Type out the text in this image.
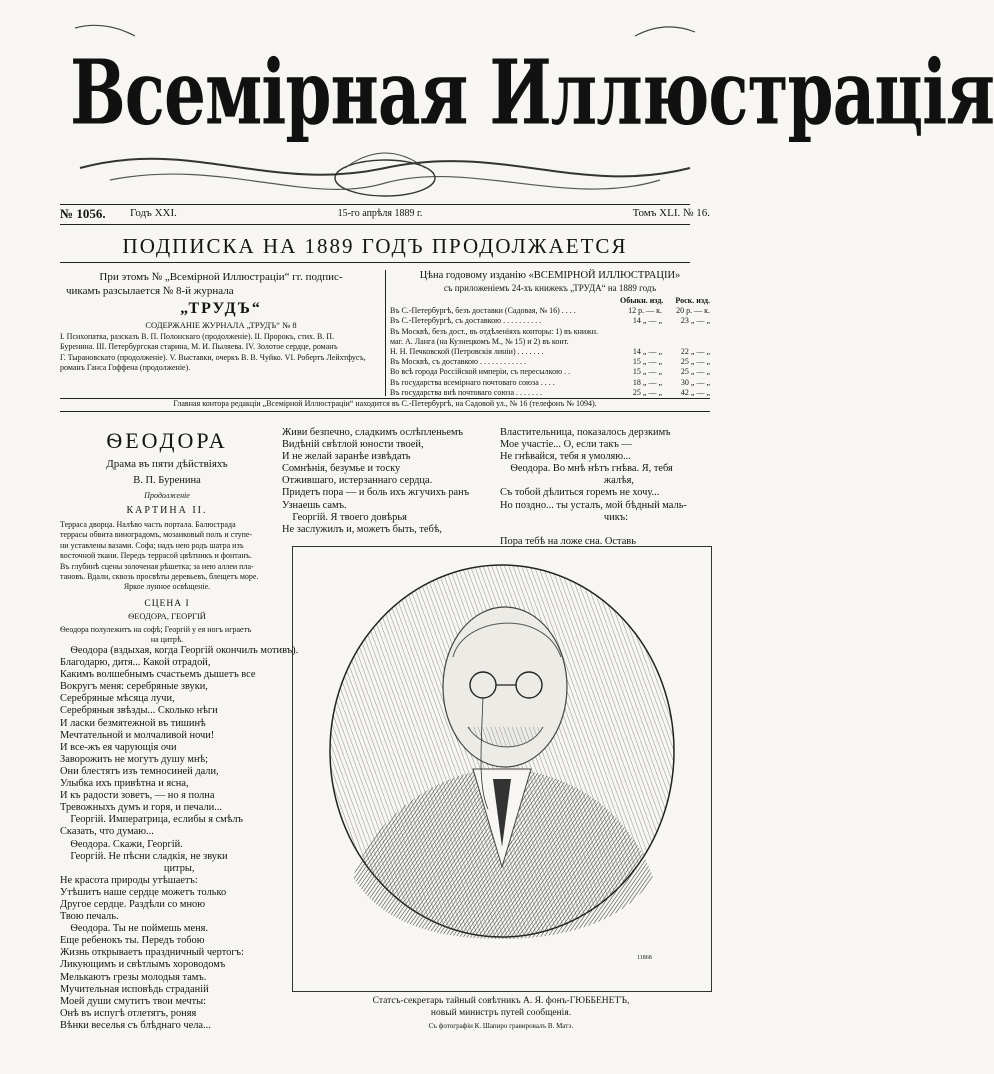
Всемірная Иллюстрація
№ 1056. Годъ XXI.	15-го апрѣля 1889 г.	Томъ XLI. № 16.
ПОДПИСКА НА 1889 ГОДЪ ПРОДОЛЖАЕТСЯ
При этомъ № „Всемірной Иллюстраціи“ гг. подпис-
чикамъ разсылается № 8-й журнала
„ТРУДЪ“
СОДЕРЖАНІЕ ЖУРНАЛА „ТРУДЪ“ № 8
I. Психопатка, разсказъ В. П. Полонскаго (продолженіе). II. Пророкъ, стих. В. П.
Буренина. III. Петербургская старина, М. И. Пыляева. IV. Золотое сердце, романъ
Г. Тырановскато (продолженіе). V. Выставки, очеркъ В. В. Чуйко. VI. Робертъ Лейхтфусъ,
романъ Ганса Гоффена (продолженіе).
Цѣна годовому изданію «ВСЕМІРНОЙ ИЛЛЮСТРАЦІИ»
съ приложеніемъ 24-хъ книжекъ „ТРУДА“ на 1889 годъ
Обыкн. изд.	Роск. изд.
Въ С.-Петербургѣ, безъ доставки (Садовая, № 16) . . . .	12 р. — к.	20 р. — к.
Въ С.-Петербургѣ, съ доставкою . . . . . . . . . .	14 „ — „	23 „ — „
Въ Москвѣ, безъ дост., въ отдѣленіяхъ конторы: 1) въ книжн.
маг. А. Ланга (на Кузнецкомъ М., № 15) и 2) въ конт.
Н. Н. Печковской (Петровскія линіи) . . . . . . .	14 „ — „	22 „ — „
Въ Москвѣ, съ доставкою . . . . . . . . . . . .	15 „ — „	25 „ — „
Во всѣ города Россійской имперіи, съ пересылкою . .	15 „ — „	25 „ — „
Въ государства всемірнаго почтоваго союза . . . .	18 „ — „	30 „ — „
Въ государства внѣ почтоваго союза . . . . . . .	25 „ — „	42 „ — „
Главная контора редакціи „Всемірной Иллюстраціи“ находится въ С.-Петербургѣ, на Садовой ул., № 16 (телефонъ № 1094).
ѲЕОДОРА
Драма въ пяти дѣйствіяхъ
В. П. Буренина
Продолженіе
КАРТИНА II.
Терраса дворца. Налѣво часть портала. Балюстрада
террасы обвита виноградомъ, мозаиковый полъ и ступе-
ни уставлены вазами. Софа; надъ нею родъ шатра изъ
восточной ткани. Передъ террасой цвѣтникъ и фонтанъ.
Въ глубинѣ сцены золоченая рѣшетка; за нею аллеи пла-
тановъ. Вдали, сквозь просвѣты деревьевъ, блещетъ море.
Яркое лунное освѣщеніе.
СЦЕНА I
ѲЕОДОРА, ГЕОРГІЙ
Ѳеодора полулежитъ на софѣ; Георгій у ея ногъ играетъ
на цитрѣ.
Ѳеодора (вздыхая, когда Георгій окончилъ мотивъ).
Благодарю, дитя... Какой отрадой,
Какимъ волшебнымъ счастьемъ дышетъ все
Вокругъ меня: серебряные звуки,
Серебряные мѣсяца лучи,
Серебряныя звѣзды... Сколько нѣги
И ласки безмятежной въ тишинѣ
Мечтательной и молчаливой ночи!
И все-жъ ея чарующія очи
Заворожить не могутъ душу мнѣ;
Они блестятъ изъ темносиней дали,
Улыбка ихъ привѣтна и ясна,
И къ радости зоветъ, — но я полна
Тревожныхъ думъ и горя, и печали...
Георгій. Императрица, еслибы я смѣлъ
Сказать, что думаю...
Ѳеодора. Скажи, Георгій.
Георгій. Не пѣсни сладкія, не звуки
цитры,
Не красота природы утѣшаетъ:
Утѣшитъ наше сердце можетъ только
Другое сердце. Раздѣли со мною
Твою печаль.
Ѳеодора. Ты не поймешь меня.
Еще ребенокъ ты. Передъ тобою
Жизнь открываетъ праздничный чертогъ:
Ликующимъ и свѣтлымъ хороводомъ
Мелькаютъ грезы молодыя тамъ.
Мучительная исповѣдь страданій
Моей души смутитъ твои мечты:
Онѣ въ испугѣ отлетятъ, роняя
Вѣнки веселья съ блѣднаго чела...
Живи безпечно, сладкимъ ослѣпленьемъ
Видѣній свѣтлой юности твоей,
И не желай заранѣе извѣдать
Сомнѣнія, безумье и тоску
Отжившаго, истерзаннаго сердца.
Придетъ пора — и боль ихъ жгучихъ ранъ
Узнаешь самъ.
Георгій. Я твоего довѣрья
Не заслужилъ и, можетъ быть, тебѣ,
Властительница, показалось дерзкимъ
Мое участіе... О, если такъ —
Не гнѣвайся, тебя я умоляю...
Ѳеодора. Во мнѣ нѣтъ гнѣва. Я, тебя
жалѣя,
Съ тобой дѣлиться горемъ не хочу...
Но поздно... ты усталъ, мой бѣдный маль-
чикъ:
Пора тебѣ на ложе сна. Оставь
11868
Статсъ-секретарь тайный совѣтникъ А. Я. фонъ-ГЮББЕНЕТЪ,
новый министръ путей сообщенія.
Съ фотографіи К. Шапиро гравировалъ В. Матэ.
